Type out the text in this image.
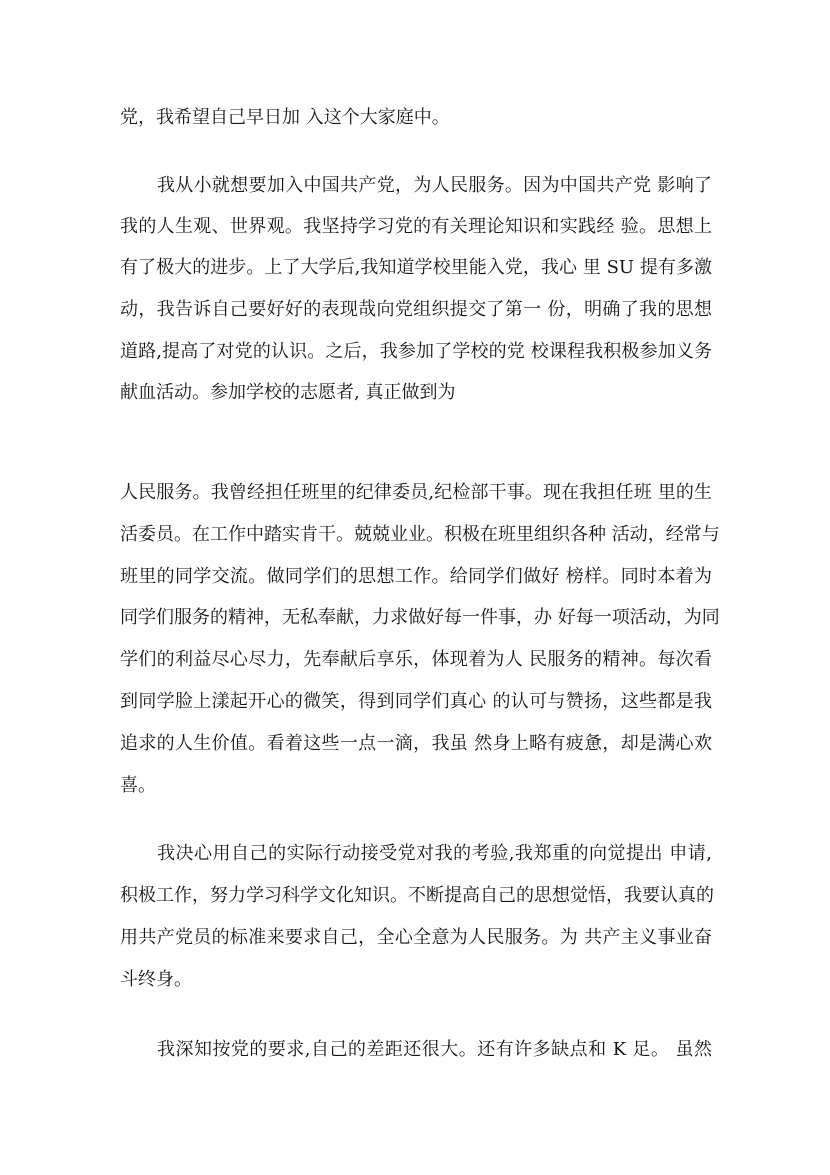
党，我希望自己早日加 入这个大家庭中。
我从小就想要加入中国共产党，为人民服务。因为中国共产党 影响了
我的人生观、世界观。我坚持学习党的有关理论知识和实践经 验。思想上
有了极大的进步。上了大学后,我知道学校里能入党，我心 里 SU 提有多激
动，我告诉自己要好好的表现哉向党组织提交了第一 份，明确了我的思想
道路,提高了对党的认识。之后，我参加了学校的党 校课程我积极参加义务
献血活动。参加学校的志愿者, 真正做到为
人民服务。我曾经担任班里的纪律委员,纪检部干事。现在我担任班 里的生
活委员。在工作中踏实肯干。兢兢业业。积极在班里组织各种 活动，经常与
班里的同学交流。做同学们的思想工作。给同学们做好 榜样。同时本着为
同学们服务的精神，无私奉献，力求做好每一件事，办 好每一项活动，为同
学们的利益尽心尽力，先奉献后享乐，体现着为人 民服务的精神。每次看
到同学脸上漾起开心的微笑，得到同学们真心 的认可与赞扬，这些都是我
追求的人生价值。看着这些一点一滴，我虽 然身上略有疲惫，却是满心欢
喜。
我决心用自己的实际行动接受党对我的考验,我郑重的向觉提出 申请,
积极工作，努力学习科学文化知识。不断提高自己的思想觉悟，我要认真的
用共产党员的标准来要求自己，全心全意为人民服务。为 共产主义事业奋
斗终身。
我深知按党的要求,自己的差距还很大。还有许多缺点和 K 足。 虽然
